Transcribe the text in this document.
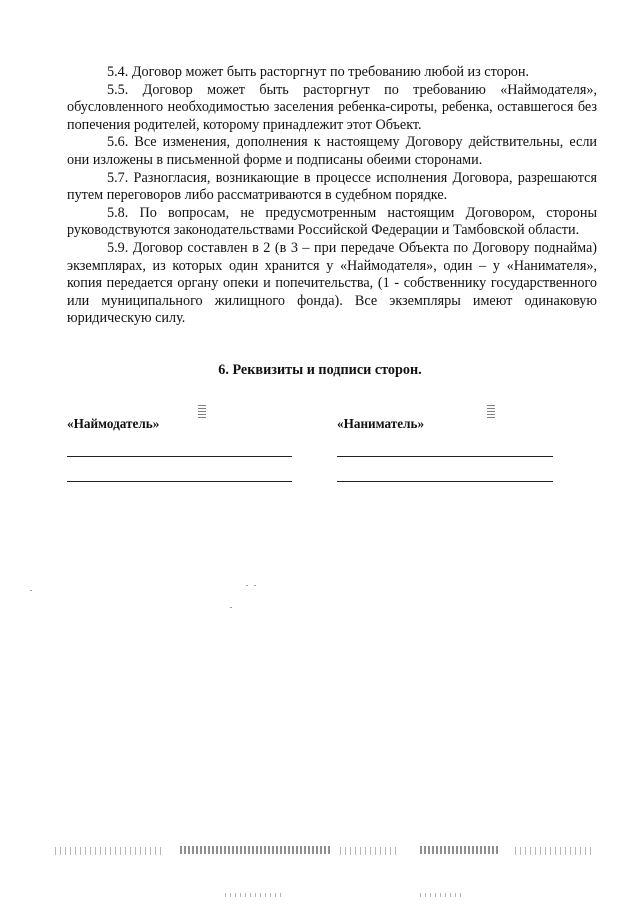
5.4. Договор может быть расторгнут по требованию любой из сторон.

5.5. Договор может быть расторгнут по требованию «Наймодателя», обусловленного необходимостью заселения ребенка-сироты, ребенка, оставшегося без попечения родителей, которому принадлежит этот Объект.

5.6. Все изменения, дополнения к настоящему Договору действительны, если они изложены в письменной форме и подписаны обеими сторонами.

5.7. Разногласия, возникающие в процессе исполнения Договора, разрешаются путем переговоров либо рассматриваются в судебном порядке.

5.8. По вопросам, не предусмотренным настоящим Договором, стороны руководствуются законодательствами Российской Федерации и Тамбовской области.

5.9. Договор составлен в 2 (в 3 – при передаче Объекта по Договору поднайма) экземплярах, из которых один хранится у «Наймодателя», один – у «Нанимателя», копия передается органу опеки и попечительства, (1 - собственнику государственного или муниципального жилищного фонда). Все экземпляры имеют одинаковую юридическую силу.

6. Реквизиты и подписи сторон.
«Наймодатель»	«Наниматель»
